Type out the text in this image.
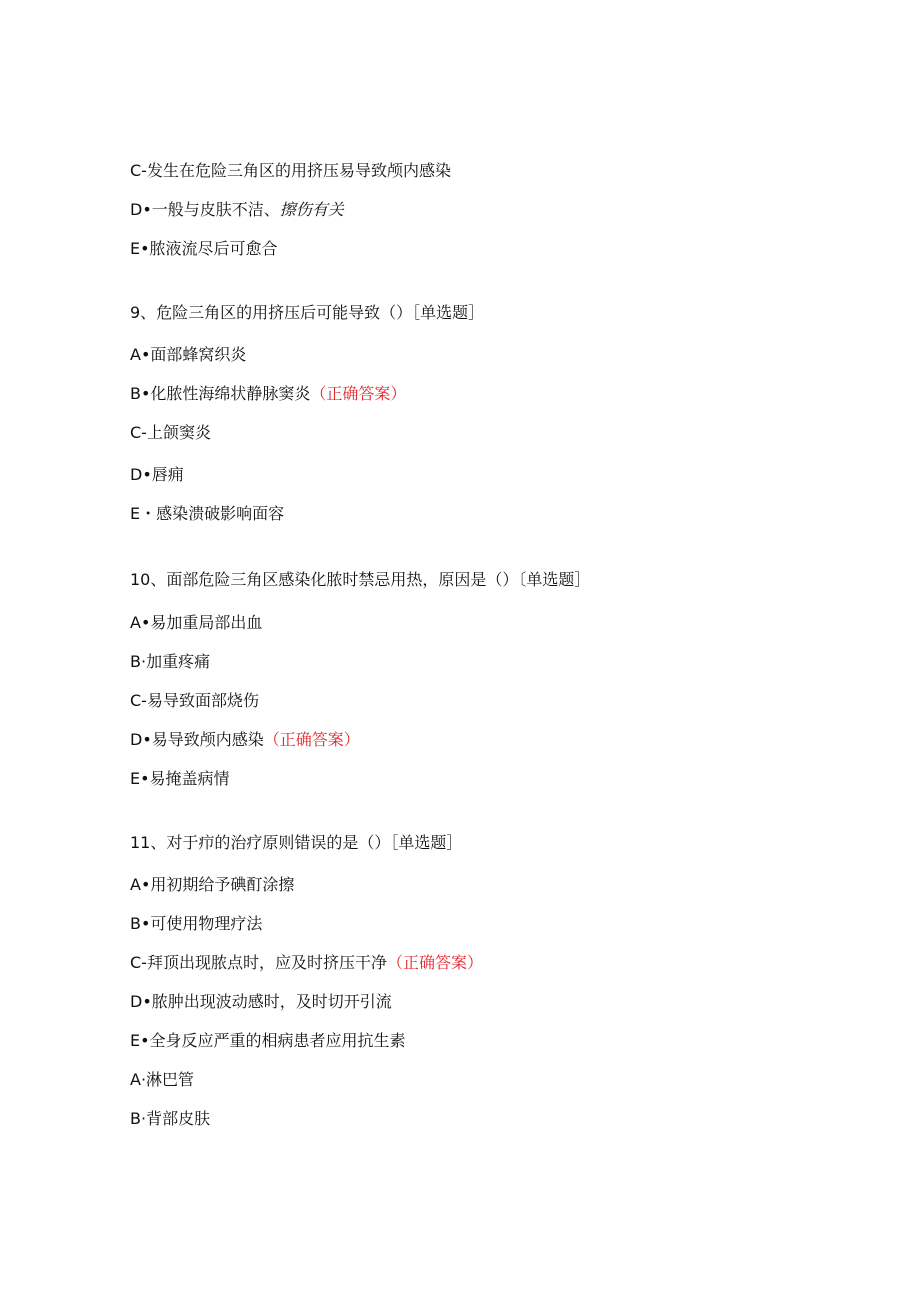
C-发生在危险三角区的用挤压易导致颅内感染
D•一般与皮肤不洁、擦伤有关
E•脓液流尽后可愈合
9、危险三角区的用挤压后可能导致（）［单选题］
A•面部蜂窝织炎
B•化脓性海绵状静脉窦炎（正确答案）
C-上颌窦炎
D•唇痈
E・感染溃破影响面容
10、面部危险三角区感染化脓时禁忌用热，原因是（）〔单选题］
A•易加重局部出血
B·加重疼痛
C-易导致面部烧伤
D•易导致颅内感染（正确答案）
E•易掩盖病情
11、对于疖的治疗原则错误的是（）［单选题］
A•用初期给予碘酊涂擦
B•可使用物理疗法
C-拜顶出现脓点时，应及时挤压干净（正确答案）
D•脓肿出现波动感时，及时切开引流
E•全身反应严重的相病患者应用抗生素
A·淋巴管
B·背部皮肤
